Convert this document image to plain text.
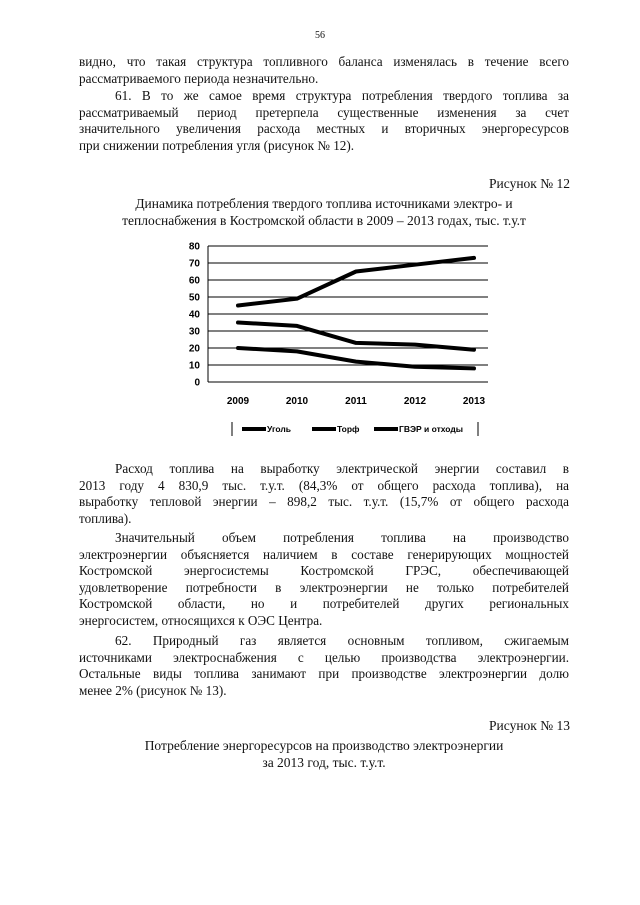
56
видно, что такая структура топливного баланса изменялась в течение всего
рассматриваемого периода незначительно.
61. В то же самое время структура потребления твердого топлива за
рассматриваемый период претерпела существенные изменения за счет
значительного увеличения расхода местных и вторичных энергоресурсов
при снижении потребления угля (рисунок № 12).
Рисунок № 12
Динамика потребления твердого топлива источниками электро- и
теплоснабжения в Костромской области в 2009 – 2013 годах, тыс. т.у.т
0
10
20
30
40
50
60
70
80
2009	2010	2011	2012	2013
Уголь	Торф	ГВЭР и отходы
Расход топлива на выработку электрической энергии составил в
2013 году 4 830,9 тыс. т.у.т. (84,3% от общего расхода топлива), на
выработку тепловой энергии – 898,2 тыс. т.у.т. (15,7% от общего расхода
топлива).
Значительный объем потребления топлива на производство
электроэнергии объясняется наличием в составе генерирующих мощностей
Костромской энергосистемы Костромской ГРЭС, обеспечивающей
удовлетворение потребности в электроэнергии не только потребителей
Костромской области, но и потребителей других региональных
энергосистем, относящихся к ОЭС Центра.
62. Природный газ является основным топливом, сжигаемым
источниками электроснабжения с целью производства электроэнергии.
Остальные виды топлива занимают при производстве электроэнергии долю
менее 2% (рисунок № 13).
Рисунок № 13
Потребление энергоресурсов на производство электроэнергии
за 2013 год, тыс. т.у.т.
